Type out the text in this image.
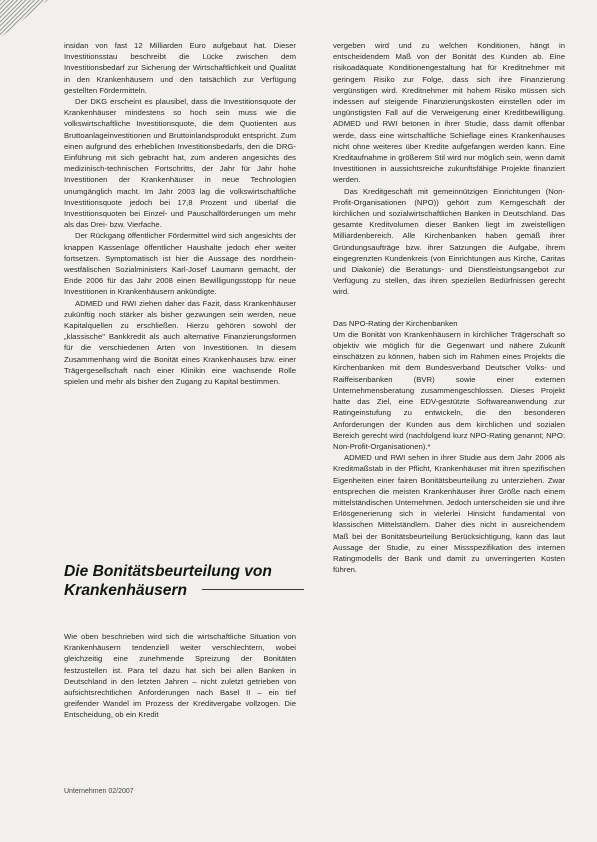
insidan von fast 12 Milliarden Euro aufgebaut hat. Dieser Investitionsstau beschreibt die Lücke zwischen dem Investitionsbedarf zur Sicherung der Wirtschaftlichkeit und Qualität in den Krankenhäusern und den tatsächlich zur Verfügung gestellten Fördermitteln.

Der DKG erscheint es plausibel, dass die Investitionsquote der Krankenhäuser mindestens so hoch sein muss wie die volkswirtschaftliche Investitionsquote, die dem Quotienten aus Bruttoanlageinvestitionen und Bruttoinlandsprodukt entspricht. Zum einen aufgrund des erheblichen Investitionsbedarfs, den die DRG-Einführung mit sich gebracht hat, zum anderen angesichts des medizinisch-technischen Fortschritts, der Jahr für Jahr hohe Investitionen der Krankenhäuser in neue Technologien unumgänglich macht. Im Jahr 2003 lag die volkswirtschaftliche Investitionsquote jedoch bei 17,8 Prozent und überlaf die Investitionsquoten bei Einzel- und Pauschalförderungen um mehr als das Drei- bzw. Vierfache.

Der Rückgang öffentlicher Fördermittel wird sich angesichts der knappen Kassenlage öffentlicher Haushalte jedoch eher weiter fortsetzen. Symptomatisch ist hier die Aussage des nordrhein-westfälischen Sozialministers Karl-Josef Laumann gemacht, der Ende 2006 für das Jahr 2008 einen Bewilligungsstopp für neue Investitionen in Krankenhäusern ankündigte.

ADMED und RWI ziehen daher das Fazit, dass Krankenhäuser zukünftig noch stärker als bisher gezwungen sein werden, neue Kapitalquellen zu erschließen. Hierzu gehören sowohl der „klassische" Bankkredit als auch alternative Finanzierungsformen für die verschiedenen Arten von Investitionen. In diesem Zusammenhang wird die Bonität eines Krankenhauses bzw. einer Trägergesellschaft nach einer Klinikin eine wachsende Rolle spielen und mehr als bisher den Zugang zu Kapital bestimmen.

Die Bonitätsbeurteilung von Krankenhäusern

Wie oben beschrieben wird sich die wirtschaftliche Situation von Krankenhäusern tendenziell weiter verschlechtern, wobei gleichzeitig eine zunehmende Spreizung der Bonitäten festzustellen ist. Para tel dazu hat sich bei allen Banken in Deutschland in den letzten Jahren – nicht zuletzt getrieben von aufsichtsrechtlichen Anforderungen nach Basel II – ein tief greifender Wandel im Prozess der Kreditvergabe vollzogen. Die Entscheidung, ob ein Kredit

vergeben wird und zu welchen Konditionen, hängt in entscheidendem Maß von der Bonität des Kunden ab. Eine risikoadäquate Konditionengestaltung hat für Kreditnehmer mit geringem Risiko zur Folge, dass sich ihre Finanzierung vergünstigen wird. Kreditnehmer mit hohem Risiko müssen sich indessen auf steigende Finanzierungskosten einstellen oder im ungünstigsten Fall auf die Verweigerung einer Kreditbewilligung. ADMED und RWI betonen in ihrer Studie, dass damit offenbar werde, dass eine wirtschaftliche Schieflage eines Krankenhauses nicht ohne weiteres über Kredite aufgefangen werden kann. Eine Kreditaufnahme in größerem Stil wird nur möglich sein, wenn damit Investitionen in aussichtsreiche zukunftsfähige Projekte finanziert werden.

Das Kreditgeschäft mit gemeinnützigen Einrichtungen (Non-Profit-Organisationen (NPO)) gehört zum Kerngeschäft der kirchlichen und sozialwirtschaftlichen Banken in Deutschland. Das gesamte Kreditvolumen dieser Banken liegt im zweistelligen Milliardenbereich. Alle Kirchenbanken haben gemäß ihrer Gründungsaufträge bzw. ihrer Satzungen die Aufgabe, ihrem eingegrenzten Kundenkreis (von Einrichtungen aus Kirche, Caritas und Diakonie) die Beratungs- und Dienstleistungsangebot zur Verfügung zu stellen, das ihren speziellen Bedürfnissen gerecht wird.

Das NPO-Rating der Kirchenbanken

Um die Bonität von Krankenhäusern in kirchlicher Trägerschaft so objektiv wie möglich für die Gegenwart und nähere Zukunft einschätzen zu können, haben sich im Rahmen eines Projekts die Kirchenbanken mit dem Bundesverband Deutscher Volks- und Raiffeisenbanken (BVR) sowie einer externen Unternehmensberatung zusammengeschlossen. Dieses Projekt hatte das Ziel, eine EDV-gestützte Softwareanwendung zur Ratingeinstufung zu entwickeln, die den besonderen Anforderungen der Kunden aus dem kirchlichen und sozialen Bereich gerecht wird (nachfolgend kurz NPO-Rating genannt; NPO: Non-Profit-Organisationen).*

ADMED und RWI sehen in ihrer Studie aus dem Jahr 2006 als Kreditmaßstab in der Pflicht, Krankenhäuser mit ihren spezifischen Eigenheiten einer fairen Bonitätsbeurteilung zu unterziehen. Zwar entsprechen die meisten Krankenhäuser ihrer Größe nach einem mittelständischen Unternehmen. Jedoch unterscheiden sie und ihre Erlösgenerierung sich in vielerlei Hinsicht fundamental von klassischen Mittelständlern. Daher dies nicht in ausreichendem Maß bei der Bonitätsbeurteilung Berücksichtigung, kann das laut Aussage der Studie, zu einer Missspezifikation des internen Ratingmodells der Bank und damit zu unverringerten Kosten führen.

Unternehmen 02/2007
